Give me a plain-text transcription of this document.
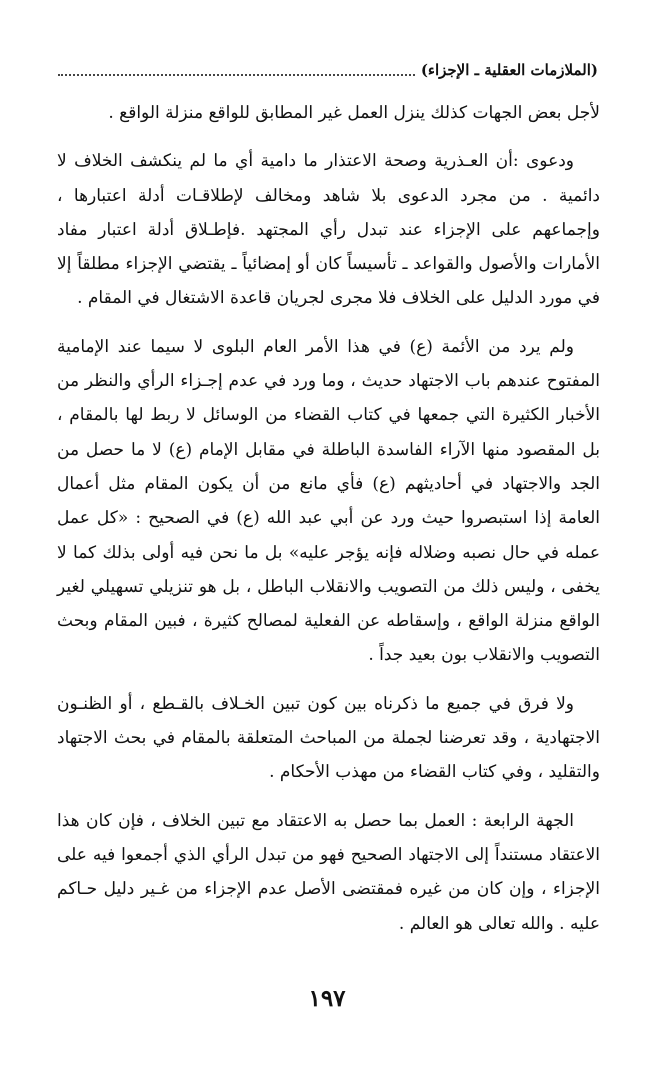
(الملازمات العقلية ـ الإجزاء)

لأجل بعض الجهات كذلك ينزل العمل غير المطابق للواقع منزلة الواقع .

ودعوى :أن العـذرية وصحة الاعتذار ما دامية أي ما لم ينكشف الخلاف لا دائمية . من مجرد الدعوى بلا شاهد ومخالف لإطلاقـات أدلة اعتبارها ، وإجماعهم على الإجزاء عند تبدل رأي المجتهد .فإطـلاق أدلة اعتبار مفاد الأمارات والأصول والقواعد ـ تأسيساً كان أو إمضائياً ـ يقتضي الإجزاء مطلقاً إلا في مورد الدليل على الخلاف فلا مجرى لجريان قاعدة الاشتغال في المقام .

ولم يرد من الأئمة (ع) في هذا الأمر العام البلوى لا سيما عند الإمامية المفتوح عندهم باب الاجتهاد حديث ، وما ورد في عدم إجـزاء الرأي والنظر من الأخبار الكثيرة التي جمعها في كتاب القضاء من الوسائل لا ربط لها بالمقام ، بل المقصود منها الآراء الفاسدة الباطلة في مقابل الإمام (ع) لا ما حصل من الجد والاجتهاد في أحاديثهم (ع) فأي مانع من أن يكون المقام مثل أعمال العامة إذا استبصروا حيث ورد عن أبي عبد الله (ع) في الصحيح : «كل عمل عمله في حال نصبه وضلاله فإنه يؤجر عليه» بل ما نحن فيه أولى بذلك كما لا يخفى ، وليس ذلك من التصويب والانقلاب الباطل ، بل هو تنزيلي تسهيلي لغير الواقع منزلة الواقع ، وإسقاطه عن الفعلية لمصالح كثيرة ، فبين المقام وبحث التصويب والانقلاب بون بعيد جداً .

ولا فرق في جميع ما ذكرناه بين كون تبين الخـلاف بالقـطع ، أو الظنـون الاجتهادية ، وقد تعرضنا لجملة من المباحث المتعلقة بالمقام في بحث الاجتهاد والتقليد ، وفي كتاب القضاء من مهذب الأحكام .

الجهة الرابعة : العمل بما حصل به الاعتقاد مع تبين الخلاف ، فإن كان هذا الاعتقاد مستنداً إلى الاجتهاد الصحيح فهو من تبدل الرأي الذي أجمعوا فيه على الإجزاء ، وإن كان من غيره فمقتضى الأصل عدم الإجزاء من غـير دليل حـاكم عليه . والله تعالى هو العالم .

١٩٧
